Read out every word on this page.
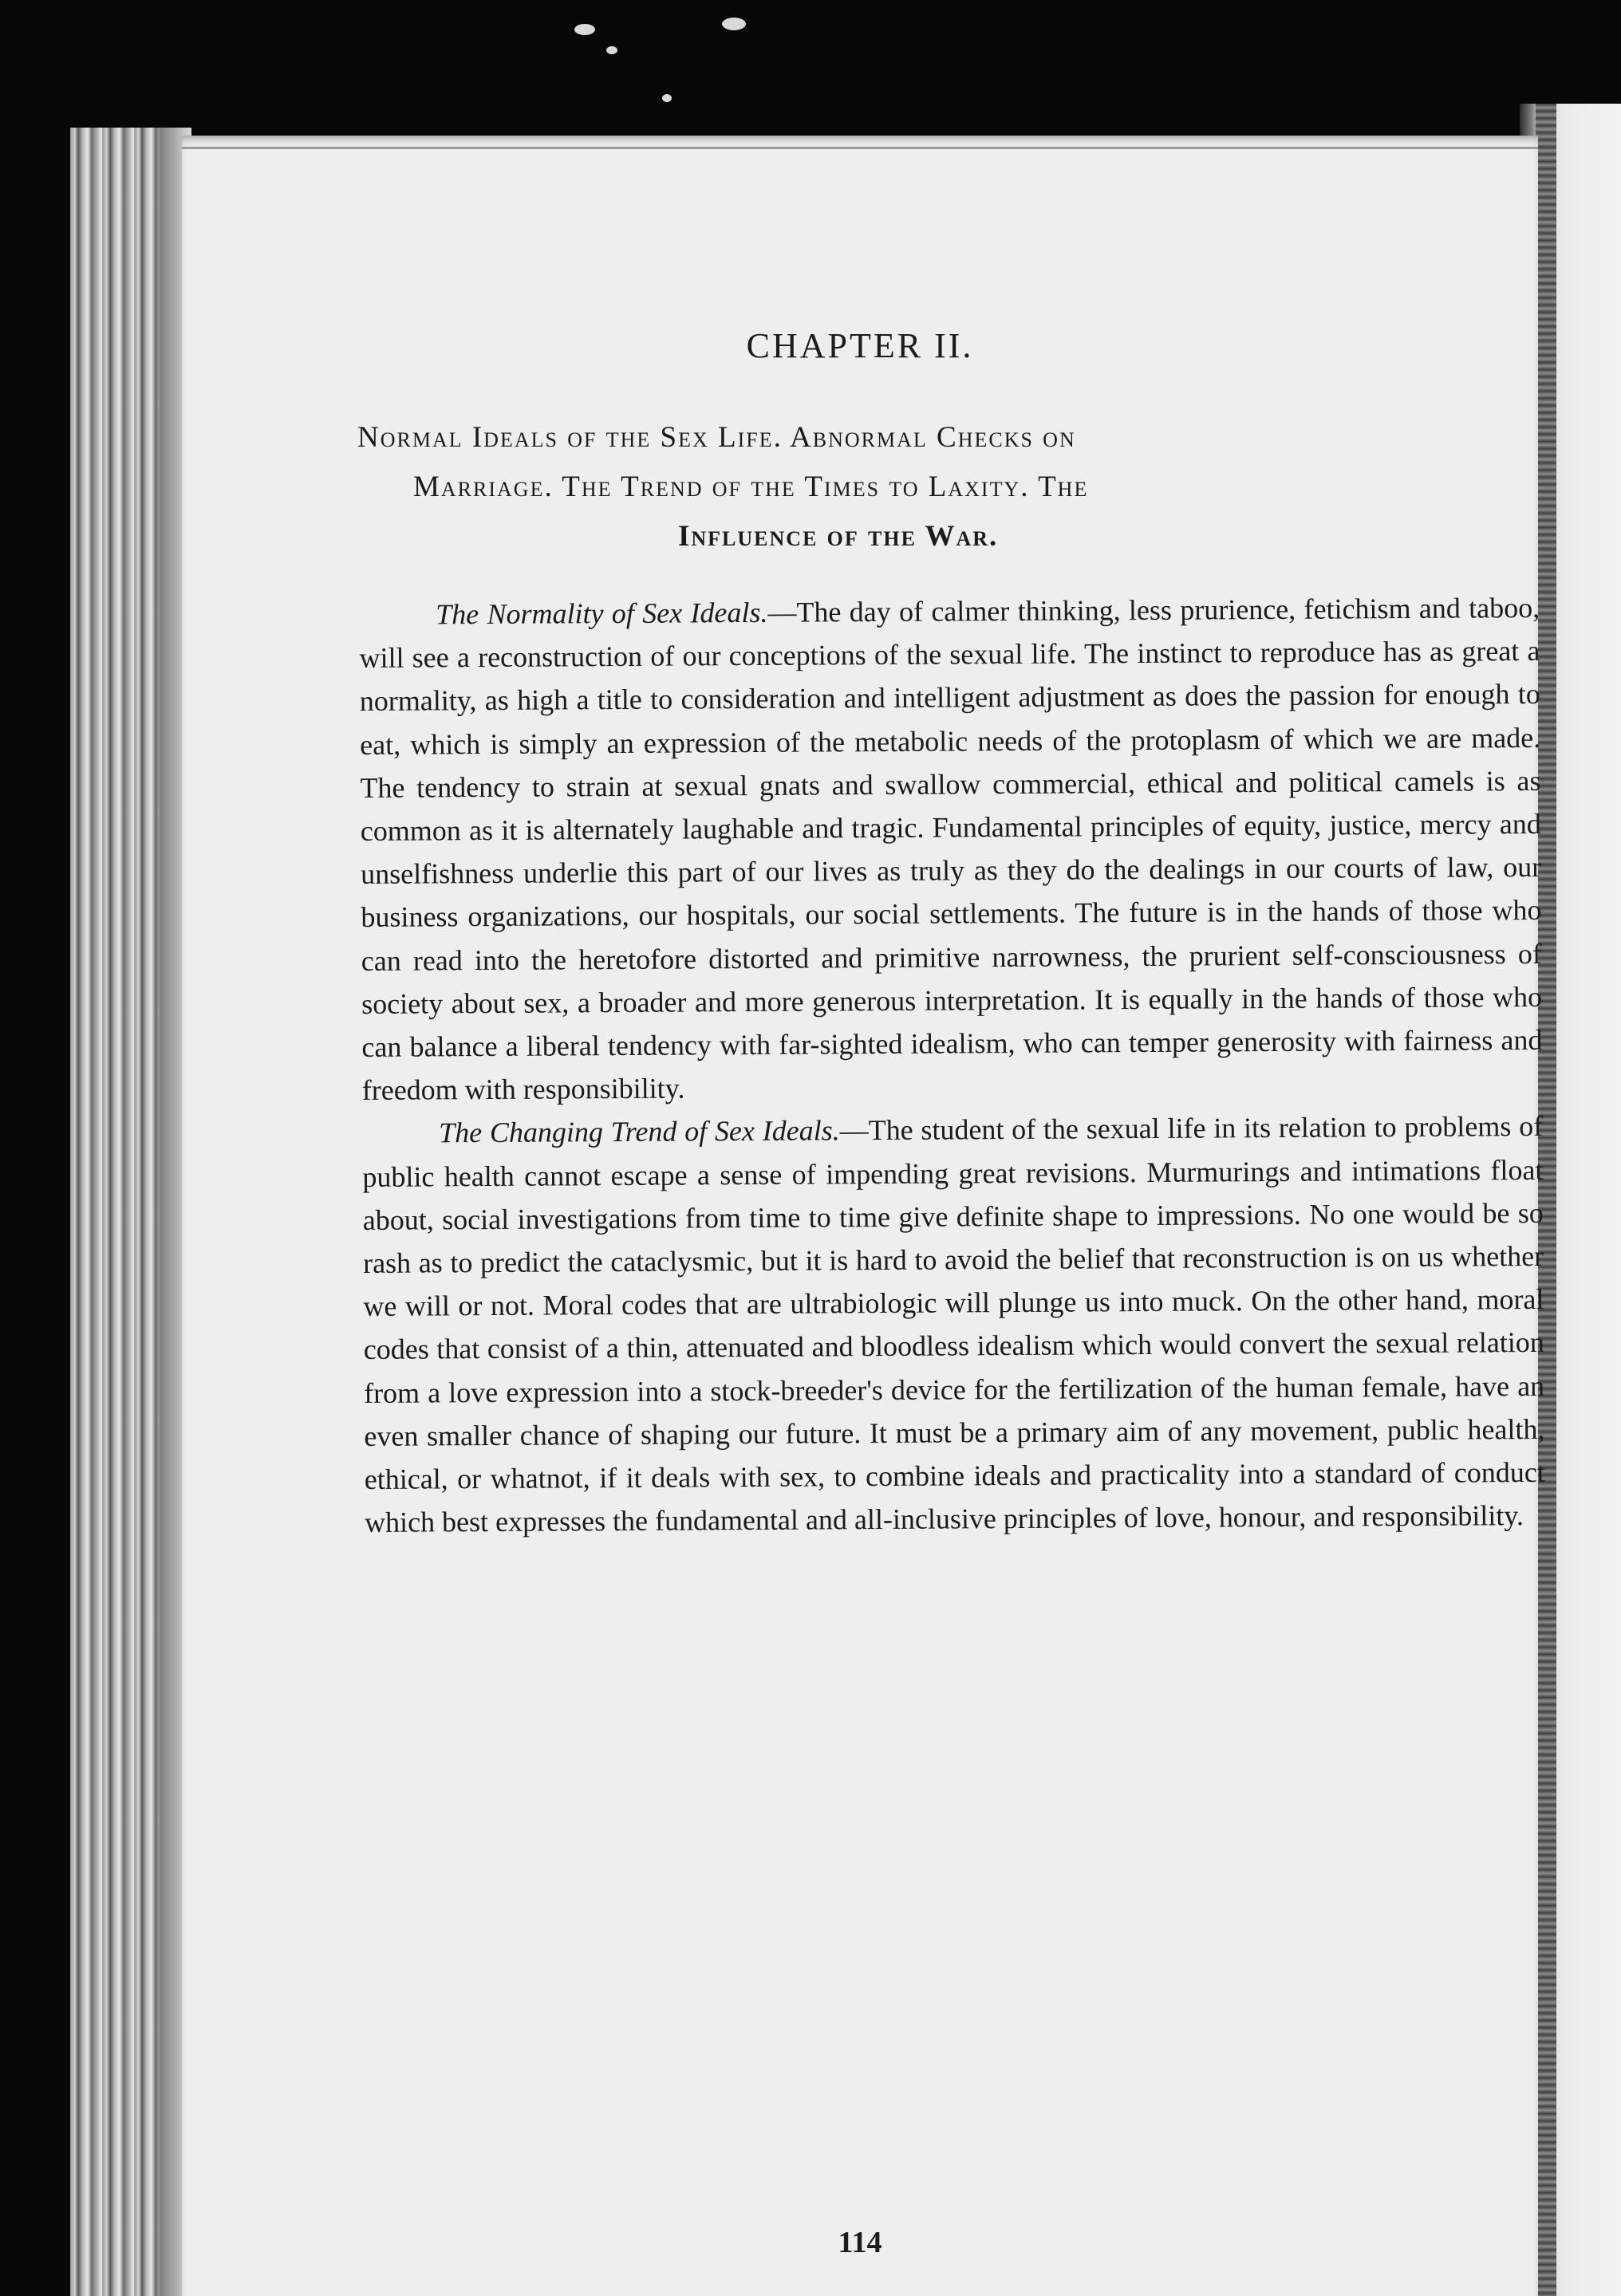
CHAPTER II.
Normal Ideals of the Sex Life. Abnormal Checks on
Marriage. The Trend of the Times to Laxity. The
Influence of the War.

The Normality of Sex Ideals.—The day of calmer thinking, less prurience, fetichism and taboo, will see a reconstruction of our conceptions of the sexual life. The instinct to reproduce has as great a normality, as high a title to consideration and intelligent adjustment as does the passion for enough to eat, which is simply an expression of the metabolic needs of the protoplasm of which we are made. The tendency to strain at sexual gnats and swallow commercial, ethical and political camels is as common as it is alternately laughable and tragic. Fundamental principles of equity, justice, mercy and unselfishness underlie this part of our lives as truly as they do the dealings in our courts of law, our business organizations, our hospitals, our social settlements. The future is in the hands of those who can read into the heretofore distorted and primitive narrowness, the prurient self-consciousness of society about sex, a broader and more generous interpretation. It is equally in the hands of those who can balance a liberal tendency with far-sighted idealism, who can temper generosity with fairness and freedom with responsibility.

The Changing Trend of Sex Ideals.—The student of the sexual life in its relation to problems of public health cannot escape a sense of impending great revisions. Murmurings and intimations float about, social investigations from time to time give definite shape to impressions. No one would be so rash as to predict the cataclysmic, but it is hard to avoid the belief that reconstruction is on us whether we will or not. Moral codes that are ultrabiologic will plunge us into muck. On the other hand, moral codes that consist of a thin, attenuated and bloodless idealism which would convert the sexual relation from a love expression into a stock-breeder's device for the fertilization of the human female, have an even smaller chance of shaping our future. It must be a primary aim of any movement, public health, ethical, or whatnot, if it deals with sex, to combine ideals and practicality into a standard of conduct which best expresses the fundamental and all-inclusive principles of love, honour, and responsibility.

114
